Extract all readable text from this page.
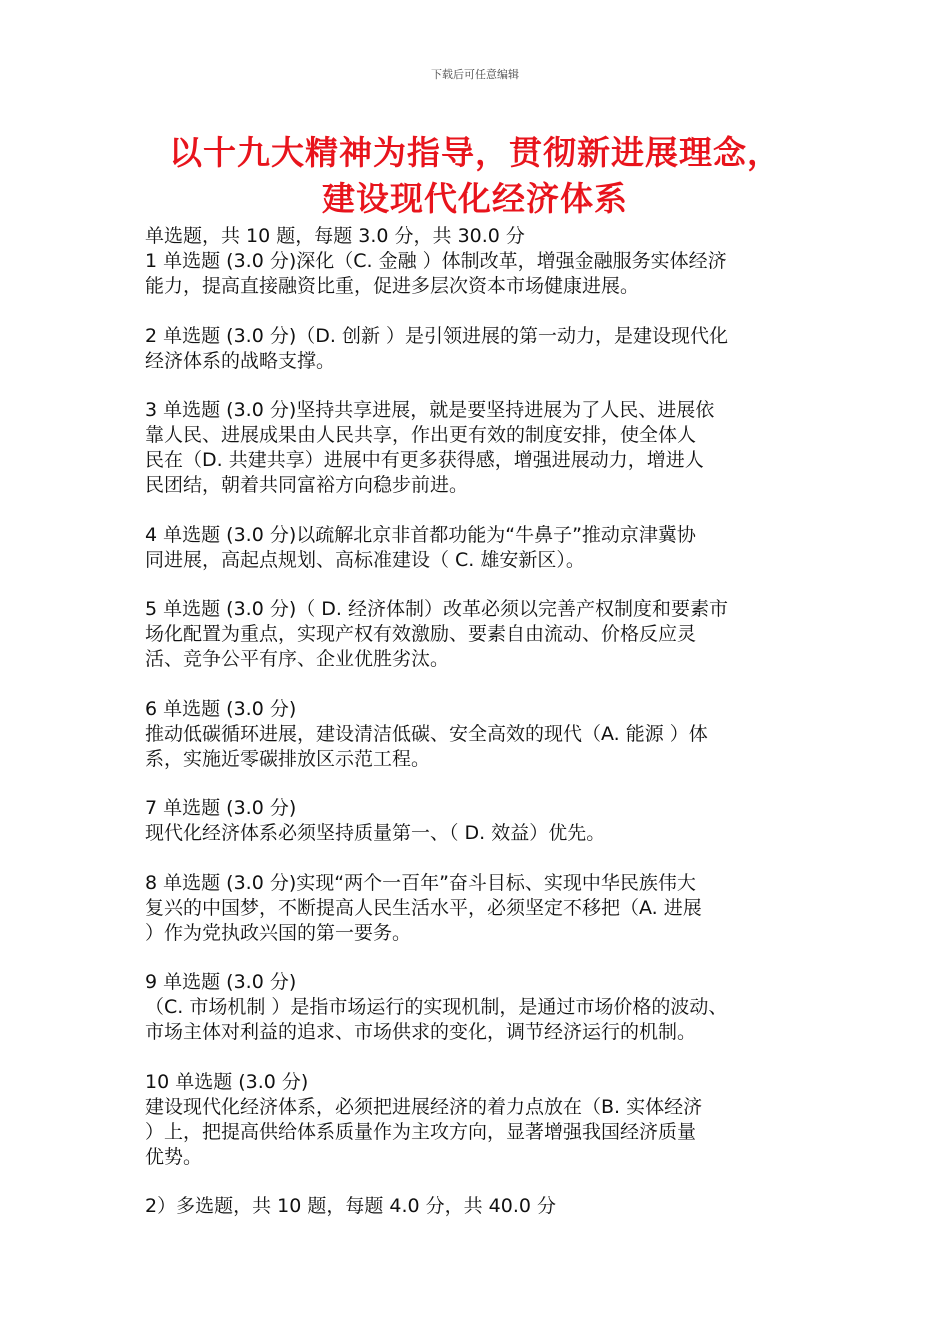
下载后可任意编辑
以十九大精神为指导，贯彻新进展理念，
建设现代化经济体系

单选题，共 10 题，每题 3.0 分，共 30.0 分

1 单选题 (3.0 分)深化（C. 金融 ）体制改革，增强金融服务实体经济

能力，提高直接融资比重，促进多层次资本市场健康进展。

2 单选题 (3.0 分)（D. 创新 ）是引领进展的第一动力，是建设现代化

经济体系的战略支撑。

3 单选题 (3.0 分)坚持共享进展，就是要坚持进展为了人民、进展依

靠人民、进展成果由人民共享，作出更有效的制度安排，使全体人

民在（D. 共建共享）进展中有更多获得感，增强进展动力，增进人

民团结，朝着共同富裕方向稳步前进。

4 单选题 (3.0 分)以疏解北京非首都功能为“牛鼻子”推动京津冀协

同进展，高起点规划、高标准建设（ C. 雄安新区）。

5 单选题 (3.0 分)（ D. 经济体制）改革必须以完善产权制度和要素市

场化配置为重点，实现产权有效激励、要素自由流动、价格反应灵

活、竞争公平有序、企业优胜劣汰。

6 单选题 (3.0 分)

推动低碳循环进展，建设清洁低碳、安全高效的现代（A. 能源 ）体

系，实施近零碳排放区示范工程。

7 单选题 (3.0 分)

现代化经济体系必须坚持质量第一、（ D. 效益）优先。

8 单选题 (3.0 分)实现“两个一百年”奋斗目标、实现中华民族伟大

复兴的中国梦，不断提高人民生活水平，必须坚定不移把（A. 进展

）作为党执政兴国的第一要务。

9 单选题 (3.0 分)

（C. 市场机制 ）是指市场运行的实现机制，是通过市场价格的波动、

市场主体对利益的追求、市场供求的变化，调节经济运行的机制。

10 单选题 (3.0 分)

建设现代化经济体系，必须把进展经济的着力点放在（B. 实体经济

）上，把提高供给体系质量作为主攻方向，显著增强我国经济质量

优势。

2）多选题，共 10 题，每题 4.0 分，共 40.0 分
